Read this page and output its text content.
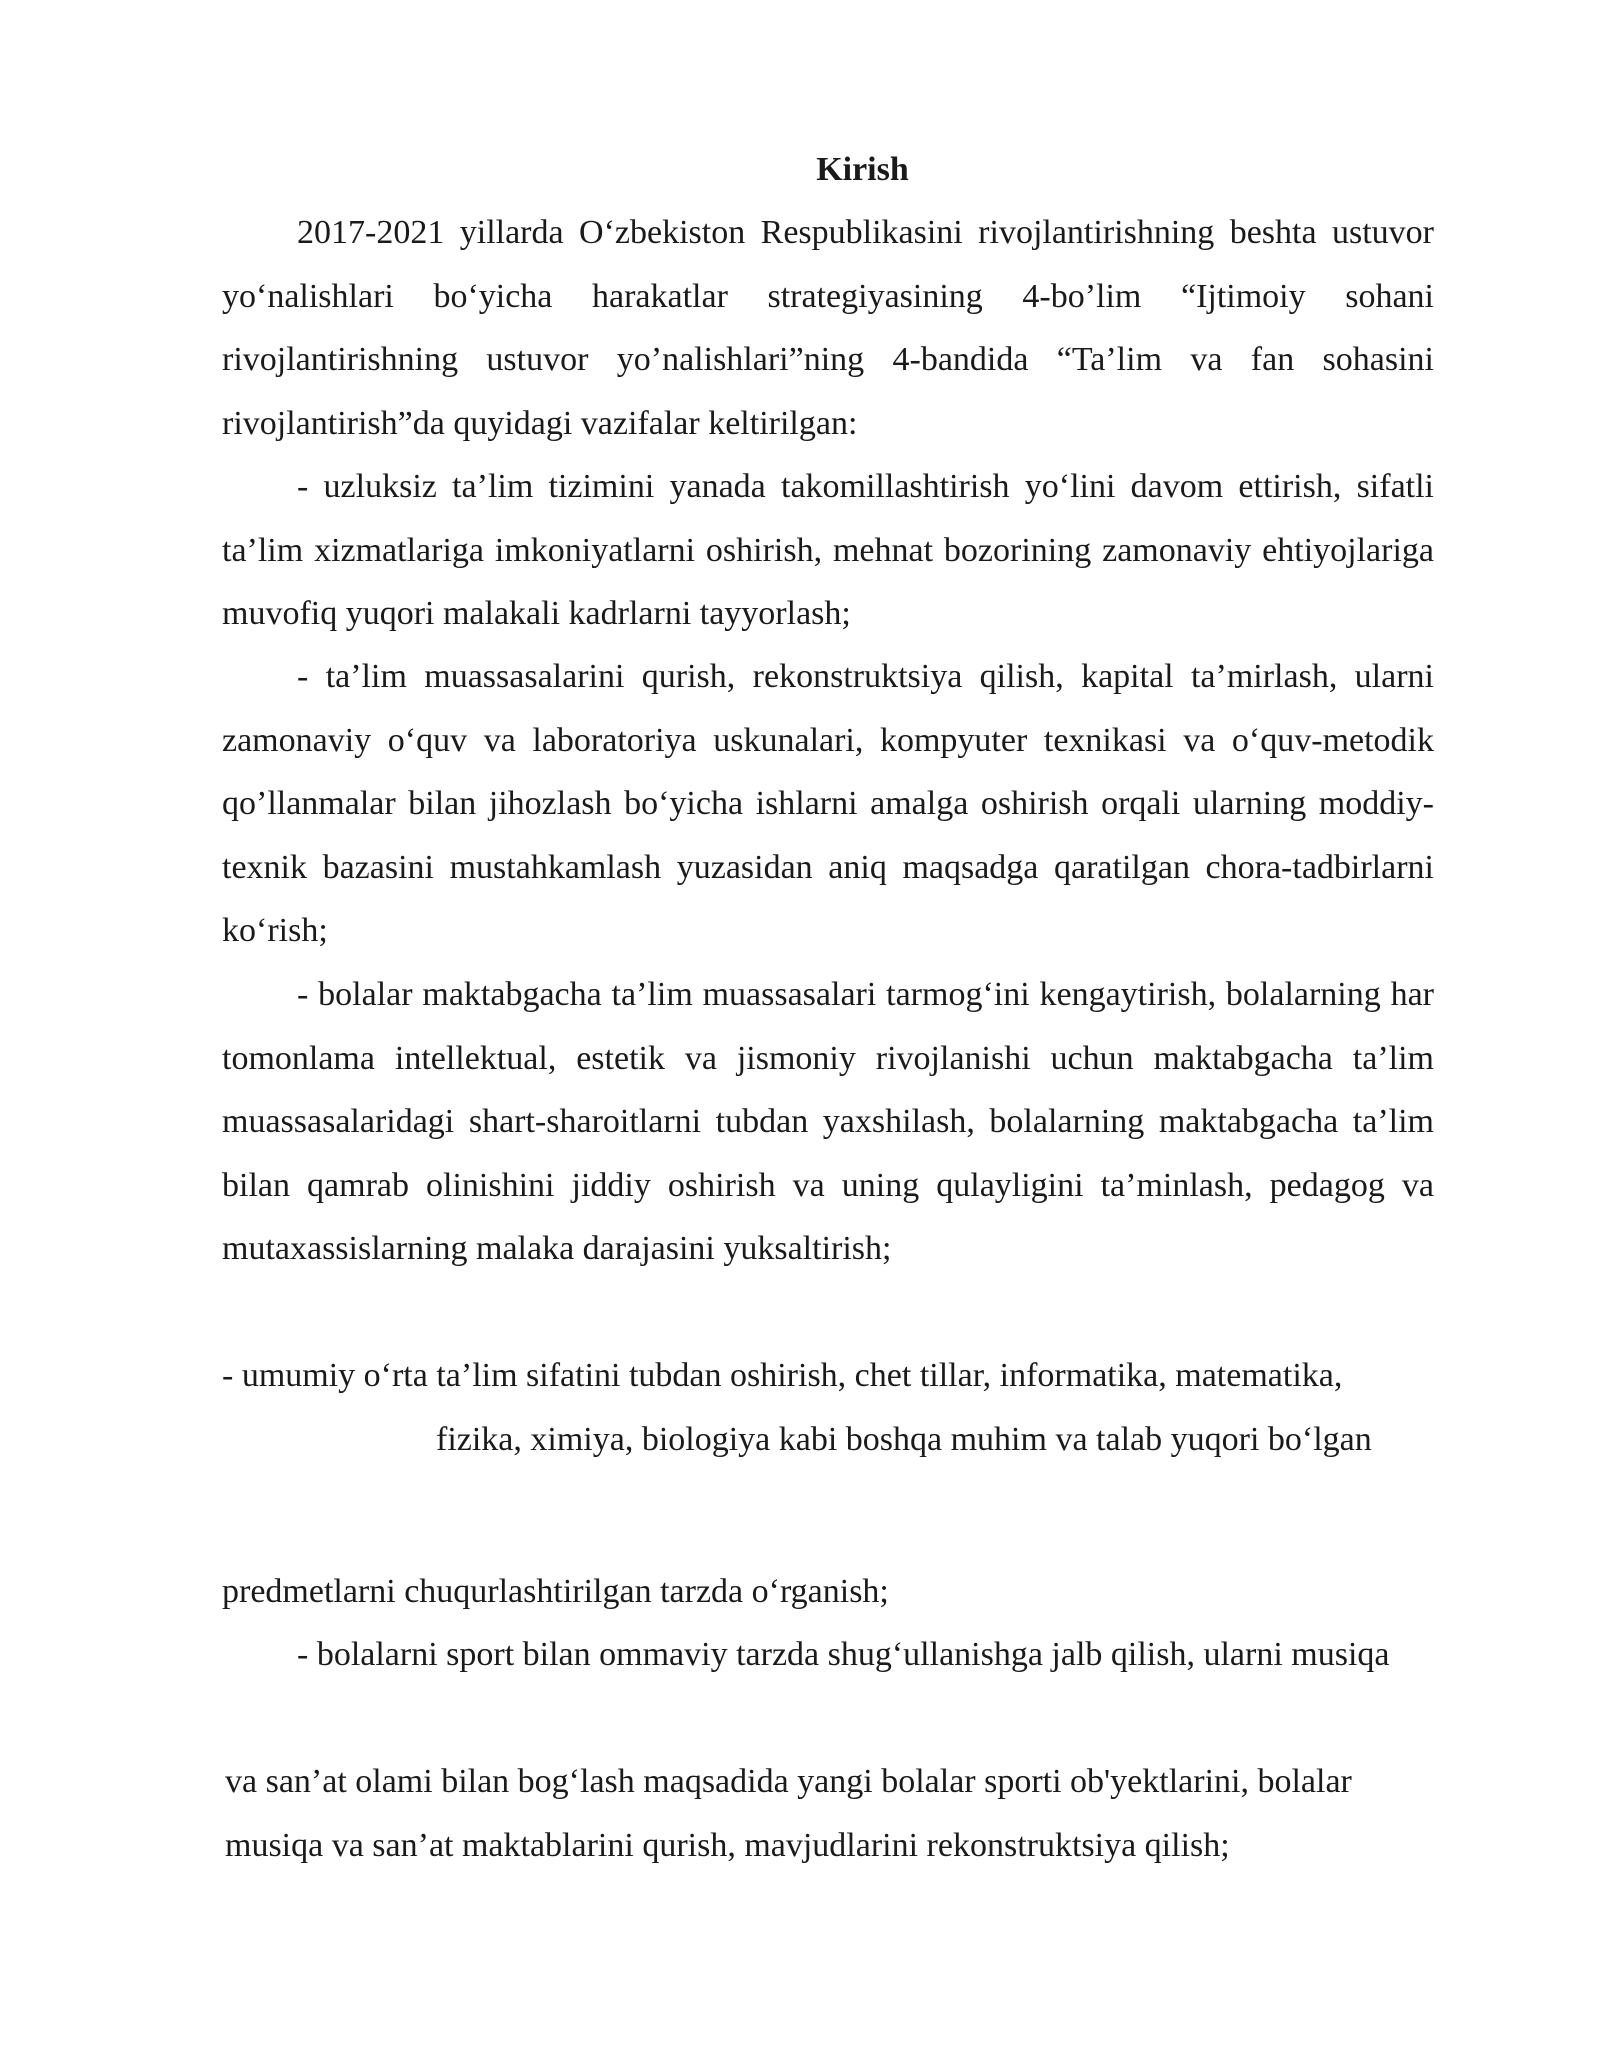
Kirish

2017-2021 yillarda O‘zbekiston Respublikasini rivojlantirishning beshta ustuvor yo‘nalishlari bo‘yicha harakatlar strategiyasining 4-bo’lim “Ijtimoiy sohani rivojlantirishning ustuvor yo’nalishlari”ning 4-bandida “Ta’lim va fan sohasini rivojlantirish”da quyidagi vazifalar keltirilgan:

- uzluksiz ta’lim tizimini yanada takomillashtirish yo‘lini davom ettirish, sifatli ta’lim xizmatlariga imkoniyatlarni oshirish, mehnat bozorining zamonaviy ehtiyojlariga muvofiq yuqori malakali kadrlarni tayyorlash;

- ta’lim muassasalarini qurish, rekonstruktsiya qilish, kapital ta’mirlash, ularni zamonaviy o‘quv va laboratoriya uskunalari, kompyuter texnikasi va o‘quv-metodik qo’llanmalar bilan jihozlash bo‘yicha ishlarni amalga oshirish orqali ularning moddiy-texnik bazasini mustahkamlash yuzasidan aniq maqsadga qaratilgan chora-tadbirlarni ko‘rish;

- bolalar maktabgacha ta’lim muassasalari tarmog‘ini kengaytirish, bolalarning har tomonlama intellektual, estetik va jismoniy rivojlanishi uchun maktabgacha ta’lim muassasalaridagi shart-sharoitlarni tubdan yaxshilash, bolalarning maktabgacha ta’lim bilan qamrab olinishini jiddiy oshirish va uning qulayligini ta’minlash, pedagog va mutaxassislarning malaka darajasini yuksaltirish;

- umumiy o‘rta ta’lim sifatini tubdan oshirish, chet tillar, informatika, matematika,
fizika, ximiya, biologiya kabi boshqa muhim va talab yuqori bo‘lgan

predmetlarni chuqurlashtirilgan tarzda o‘rganish;

- bolalarni sport bilan ommaviy tarzda shug‘ullanishga jalb qilish, ularni musiqa

va san’at olami bilan bog‘lash maqsadida yangi bolalar sporti ob'yektlarini, bolalar
musiqa va san’at maktablarini qurish, mavjudlarini rekonstruktsiya qilish;
